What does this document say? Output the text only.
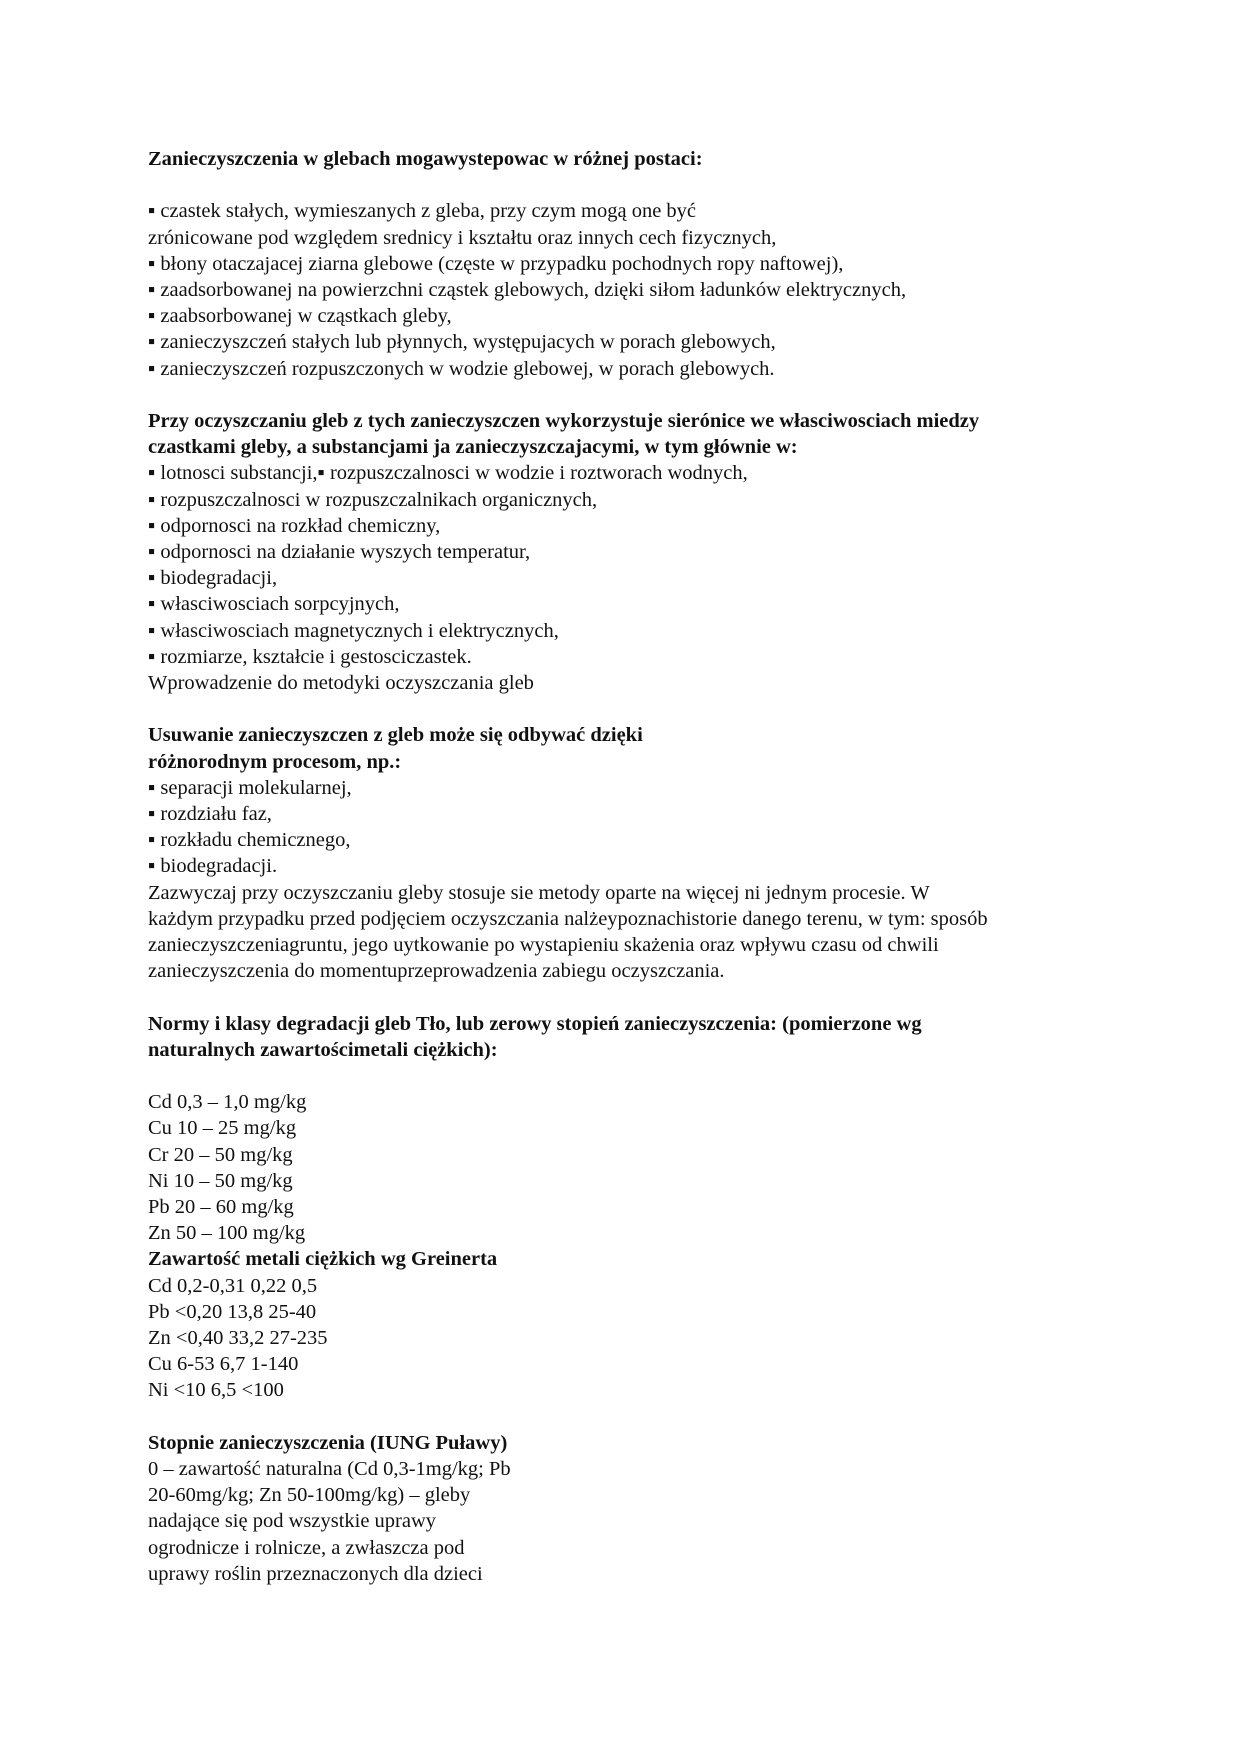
Zanieczyszczenia w glebach mogawystepowac w różnej postaci:
▪ czastek stałych, wymieszanych z gleba, przy czym mogą one być
zrónicowane pod względem srednicy i kształtu oraz innych cech fizycznych,
▪ błony otaczajacej ziarna glebowe (częste w przypadku pochodnych ropy naftowej),
▪ zaadsorbowanej na powierzchni cząstek glebowych, dzięki siłom ładunków elektrycznych,
▪ zaabsorbowanej w cząstkach gleby,
▪ zanieczyszczeń stałych lub płynnych, występujacych w porach glebowych,
▪ zanieczyszczeń rozpuszczonych w wodzie glebowej, w porach glebowych.
Przy oczyszczaniu gleb z tych zanieczyszczen wykorzystuje sierónice we własciwosciach miedzy
czastkami gleby, a substancjami ja zanieczyszczajacymi, w tym głównie w:
▪ lotnosci substancji,▪ rozpuszczalnosci w wodzie i roztworach wodnych,
▪ rozpuszczalnosci w rozpuszczalnikach organicznych,
▪ odpornosci na rozkład chemiczny,
▪ odpornosci na działanie wyszych temperatur,
▪ biodegradacji,
▪ własciwosciach sorpcyjnych,
▪ własciwosciach magnetycznych i elektrycznych,
▪ rozmiarze, kształcie i gestosciczastek.
Wprowadzenie do metodyki oczyszczania gleb
Usuwanie zanieczyszczen z gleb może się odbywać dzięki
różnorodnym procesom, np.:
▪ separacji molekularnej,
▪ rozdziału faz,
▪ rozkładu chemicznego,
▪ biodegradacji.
Zazwyczaj przy oczyszczaniu gleby stosuje sie metody oparte na więcej ni jednym procesie. W
każdym przypadku przed podjęciem oczyszczania nalżeypoznachistorie danego terenu, w tym: sposób
zanieczyszczeniagruntu, jego uytkowanie po wystapieniu skażenia oraz wpływu czasu od chwili
zanieczyszczenia do momentuprzeprowadzenia zabiegu oczyszczania.
Normy i klasy degradacji gleb Tło, lub zerowy stopień zanieczyszczenia: (pomierzone wg
naturalnych zawartościmetali ciężkich):
Cd 0,3 – 1,0 mg/kg
Cu 10 – 25 mg/kg
Cr 20 – 50 mg/kg
Ni 10 – 50 mg/kg
Pb 20 – 60 mg/kg
Zn 50 – 100 mg/kg
Zawartość metali ciężkich wg Greinerta
Cd 0,2-0,31 0,22 0,5
Pb <0,20 13,8 25-40
Zn <0,40 33,2 27-235
Cu 6-53 6,7 1-140
Ni <10 6,5 <100
Stopnie zanieczyszczenia (IUNG Puławy)
0 – zawartość naturalna (Cd 0,3-1mg/kg; Pb
20-60mg/kg; Zn 50-100mg/kg) – gleby
nadające się pod wszystkie uprawy
ogrodnicze i rolnicze, a zwłaszcza pod
uprawy roślin przeznaczonych dla dzieci
